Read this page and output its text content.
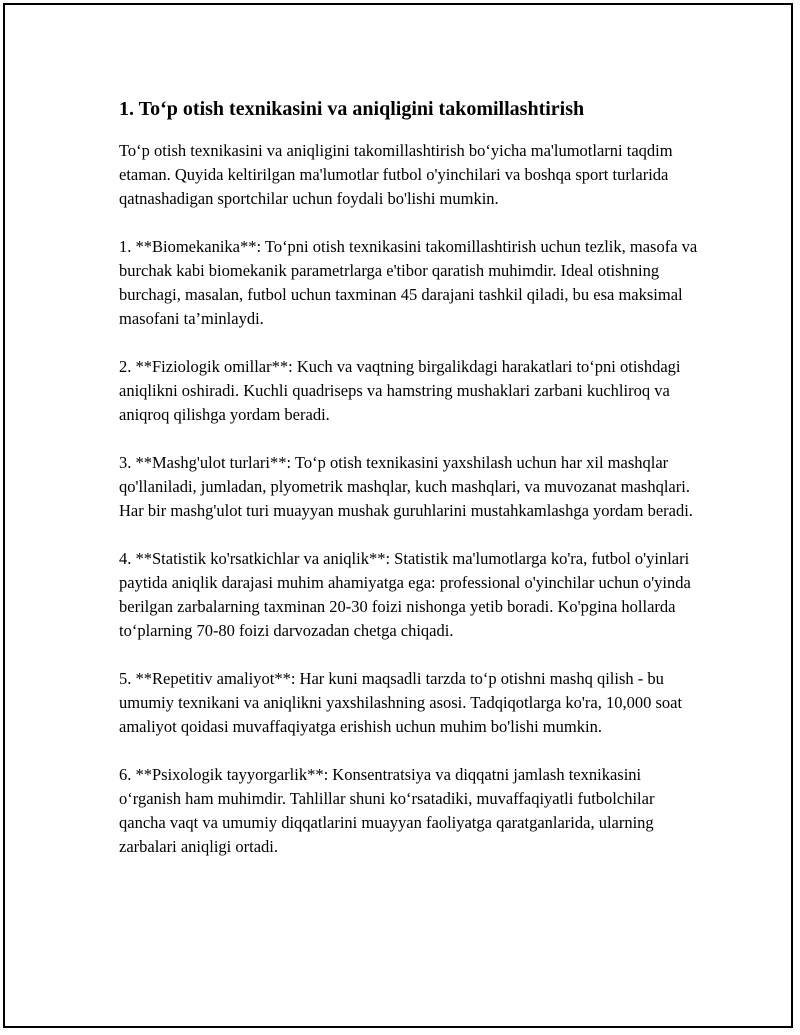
1. To‘p otish texnikasini va aniqligini takomillashtirish

To‘p otish texnikasini va aniqligini takomillashtirish bo‘yicha ma'lumotlarni taqdim etaman. Quyida keltirilgan ma'lumotlar futbol o'yinchilari va boshqa sport turlarida qatnashadigan sportchilar uchun foydali bo'lishi mumkin.

1. **Biomekanika**: To‘pni otish texnikasini takomillashtirish uchun tezlik, masofa va burchak kabi biomekanik parametrlarga e'tibor qaratish muhimdir. Ideal otishning burchagi, masalan, futbol uchun taxminan 45 darajani tashkil qiladi, bu esa maksimal masofani ta’minlaydi.

2. **Fiziologik omillar**: Kuch va vaqtning birgalikdagi harakatlari to‘pni otishdagi aniqlikni oshiradi. Kuchli quadriseps va hamstring mushaklari zarbani kuchliroq va aniqroq qilishga yordam beradi.

3. **Mashg'ulot turlari**: To‘p otish texnikasini yaxshilash uchun har xil mashqlar qo'llaniladi, jumladan, plyometrik mashqlar, kuch mashqlari, va muvozanat mashqlari. Har bir mashg'ulot turi muayyan mushak guruhlarini mustahkamlashga yordam beradi.

4. **Statistik ko'rsatkichlar va aniqlik**: Statistik ma'lumotlarga ko'ra, futbol o'yinlari paytida aniqlik darajasi muhim ahamiyatga ega: professional o'yinchilar uchun o'yinda berilgan zarbalarning taxminan 20-30 foizi nishonga yetib boradi. Ko'pgina hollarda to‘plarning 70-80 foizi darvozadan chetga chiqadi.

5. **Repetitiv amaliyot**: Har kuni maqsadli tarzda to‘p otishni mashq qilish - bu umumiy texnikani va aniqlikni yaxshilashning asosi. Tadqiqotlarga ko'ra, 10,000 soat amaliyot qoidasi muvaffaqiyatga erishish uchun muhim bo'lishi mumkin.

6. **Psixologik tayyorgarlik**: Konsentratsiya va diqqatni jamlash texnikasini o‘rganish ham muhimdir. Tahlillar shuni ko‘rsatadiki, muvaffaqiyatli futbolchilar qancha vaqt va umumiy diqqatlarini muayyan faoliyatga qaratganlarida, ularning zarbalari aniqligi ortadi.
